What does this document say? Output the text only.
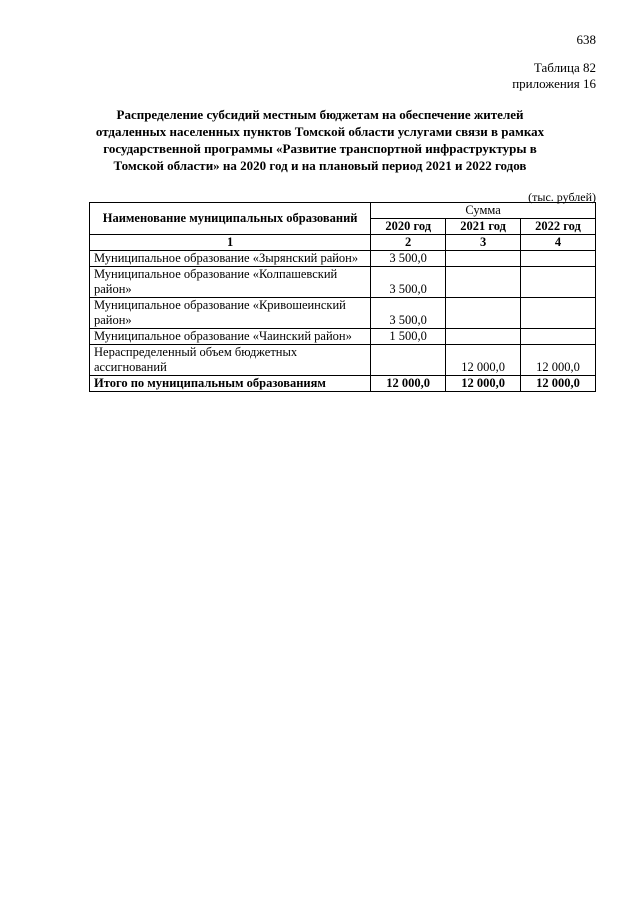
638
Таблица 82
приложения 16
Распределение субсидий местным бюджетам на обеспечение жителей
отдаленных населенных пунктов Томской области услугами связи в рамках
государственной программы «Развитие транспортной инфраструктуры в
Томской области» на 2020 год и на плановый период 2021 и 2022 годов
(тыс. рублей)
Наименование муниципальных образований	Сумма		
	2020 год	2021 год	2022 год
1	2	3	4
Муниципальное образование «Зырянский район»	3 500,0		
Муниципальное образование «Колпашевский район»	3 500,0		
Муниципальное образование «Кривошеинский район»	3 500,0		
Муниципальное образование «Чаинский район»	1 500,0		
Нераспределенный объем бюджетных ассигнований		12 000,0	12 000,0
Итого по муниципальным образованиям	12 000,0	12 000,0	12 000,0
